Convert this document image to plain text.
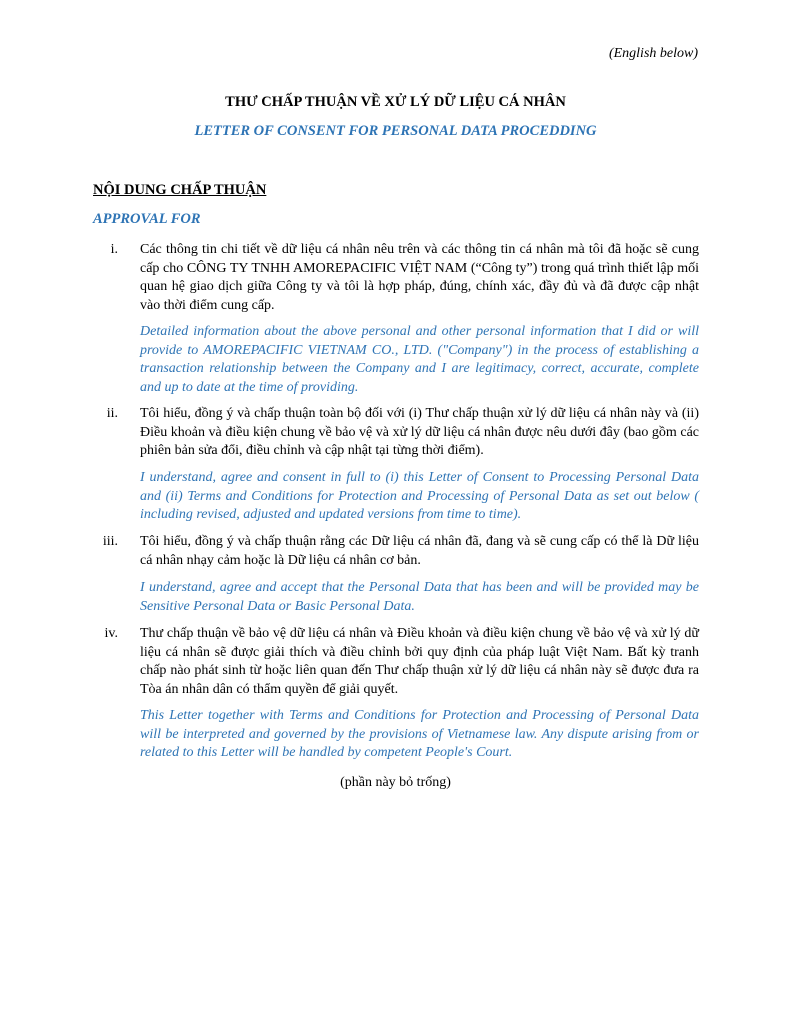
(English below)
THƯ CHẤP THUẬN VỀ XỬ LÝ DỮ LIỆU CÁ NHÂN
LETTER OF CONSENT FOR PERSONAL DATA PROCEDDING
NỘI DUNG CHẤP THUẬN
APPROVAL FOR
i. Các thông tin chi tiết về dữ liệu cá nhân nêu trên và các thông tin cá nhân mà tôi đã hoặc sẽ cung cấp cho CÔNG TY TNHH AMOREPACIFIC VIỆT NAM (“Công ty”) trong quá trình thiết lập mối quan hệ giao dịch giữa Công ty và tôi là hợp pháp, đúng, chính xác, đầy đủ và đã được cập nhật vào thời điểm cung cấp.
Detailed information about the above personal and other personal information that I did or will provide to AMOREPACIFIC VIETNAM CO., LTD. ("Company") in the process of establishing a transaction relationship between the Company and I are legitimacy, correct, accurate, complete and up to date at the time of providing.
ii. Tôi hiểu, đồng ý và chấp thuận toàn bộ đối với (i) Thư chấp thuận xử lý dữ liệu cá nhân này và (ii) Điều khoản và điều kiện chung về bảo vệ và xử lý dữ liệu cá nhân được nêu dưới đây (bao gồm các phiên bản sửa đổi, điều chỉnh và cập nhật tại từng thời điểm).
I understand, agree and consent in full to (i) this Letter of Consent to Processing Personal Data and (ii) Terms and Conditions for Protection and Processing of Personal Data as set out below ( including revised, adjusted and updated versions from time to time).
iii. Tôi hiểu, đồng ý và chấp thuận rằng các Dữ liệu cá nhân đã, đang và sẽ cung cấp có thể là Dữ liệu cá nhân nhạy cảm hoặc là Dữ liệu cá nhân cơ bản.
I understand, agree and accept that the Personal Data that has been and will be provided may be Sensitive Personal Data or Basic Personal Data.
iv. Thư chấp thuận về bảo vệ dữ liệu cá nhân và Điều khoản và điều kiện chung về bảo vệ và xử lý dữ liệu cá nhân sẽ được giải thích và điều chỉnh bởi quy định của pháp luật Việt Nam. Bất kỳ tranh chấp nào phát sinh từ hoặc liên quan đến Thư chấp thuận xử lý dữ liệu cá nhân này sẽ được đưa ra Tòa án nhân dân có thẩm quyền để giải quyết.
This Letter together with Terms and Conditions for Protection and Processing of Personal Data will be interpreted and governed by the provisions of Vietnamese law. Any dispute arising from or related to this Letter will be handled by competent People's Court.
(phần này bỏ trống)
